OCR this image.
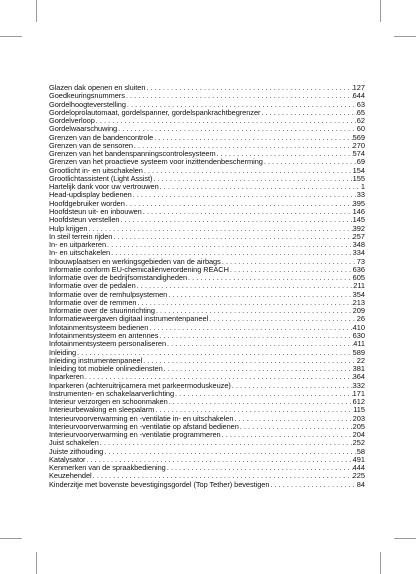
Glazen dak openen en sluiten . . .	127
Goedkeuringsnummers . . .	644
Gordelhoogteverstelling . . .	63
Gordeloprolautomaat, gordelspanner, gordelspankrachtbegrenzer . . .	65
Gordelverloop . . .	62
Gordelwaarschuwing . . .	60
Grenzen van de bandencontrole . . .	569
Grenzen van de sensoren . . .	270
Grenzen van het bandenspanningscontrolesysteem . . .	574
Grenzen van het proactieve systeem voor inzittendenbescherming . . .	69
Grootlicht in- en uitschakelen . . .	154
Grootlichtassistent (Light Assist) . . .	155
Hartelijk dank voor uw vertrouwen . . .	1
Head-updisplay bedienen . . .	33
Hoofdgebruiker worden . . .	395
Hoofdsteun uit- en inbouwen . . .	146
Hoofdsteun verstellen . . .	145
Hulp krijgen . . .	392
In steil terrein rijden . . .	257
In- en uitparkeren . . .	348
In- en uitschakelen . . .	334
Inbouwplaatsen en werkingsgebieden van de airbags . . .	73
Informatie conform EU-chemicaliënverordening REACH . . .	636
Informatie over de bedrijfsomstandigheden . . .	605
Informatie over de pedalen . . .	211
Informatie over de remhulpsystemen . . .	354
Informatie over de remmen . . .	213
Informatie over de stuurinrichting . . .	209
Informatieweergaven digitaal instrumentenpaneel . . .	26
Infotainmentsysteem bedienen . . .	410
Infotainmentsysteem en antennes . . .	630
Infotainmentsysteem personaliseren . . .	411
Inleiding . . .	589
Inleiding instrumentenpaneel . . .	22
Inleiding tot mobiele onlinediensten . . .	381
Inparkeren . . .	364
Inparkeren (achteruitrijcamera met parkeermoduskeuze) . . .	332
Instrumenten- en schakelaarverlichting . . .	171
Interieur verzorgen en schoonmaken . . .	612
Interieurbewaking en sleepalarm . . .	115
Interieurvoorverwarming en -ventilatie in- en uitschakelen . . .	203
Interieurvoorverwarming en -ventilatie op afstand bedienen . . .	205
Interieurvoorverwarming en -ventilatie programmeren . . .	204
Juist schakelen . . .	252
Juiste zithouding . . .	58
Katalysator . . .	491
Kenmerken van de spraakbediening . . .	444
Keuzehendel . . .	225
Kinderzitje met bovenste bevestigingsgordel (Top Tether) bevestigen . . .	84
